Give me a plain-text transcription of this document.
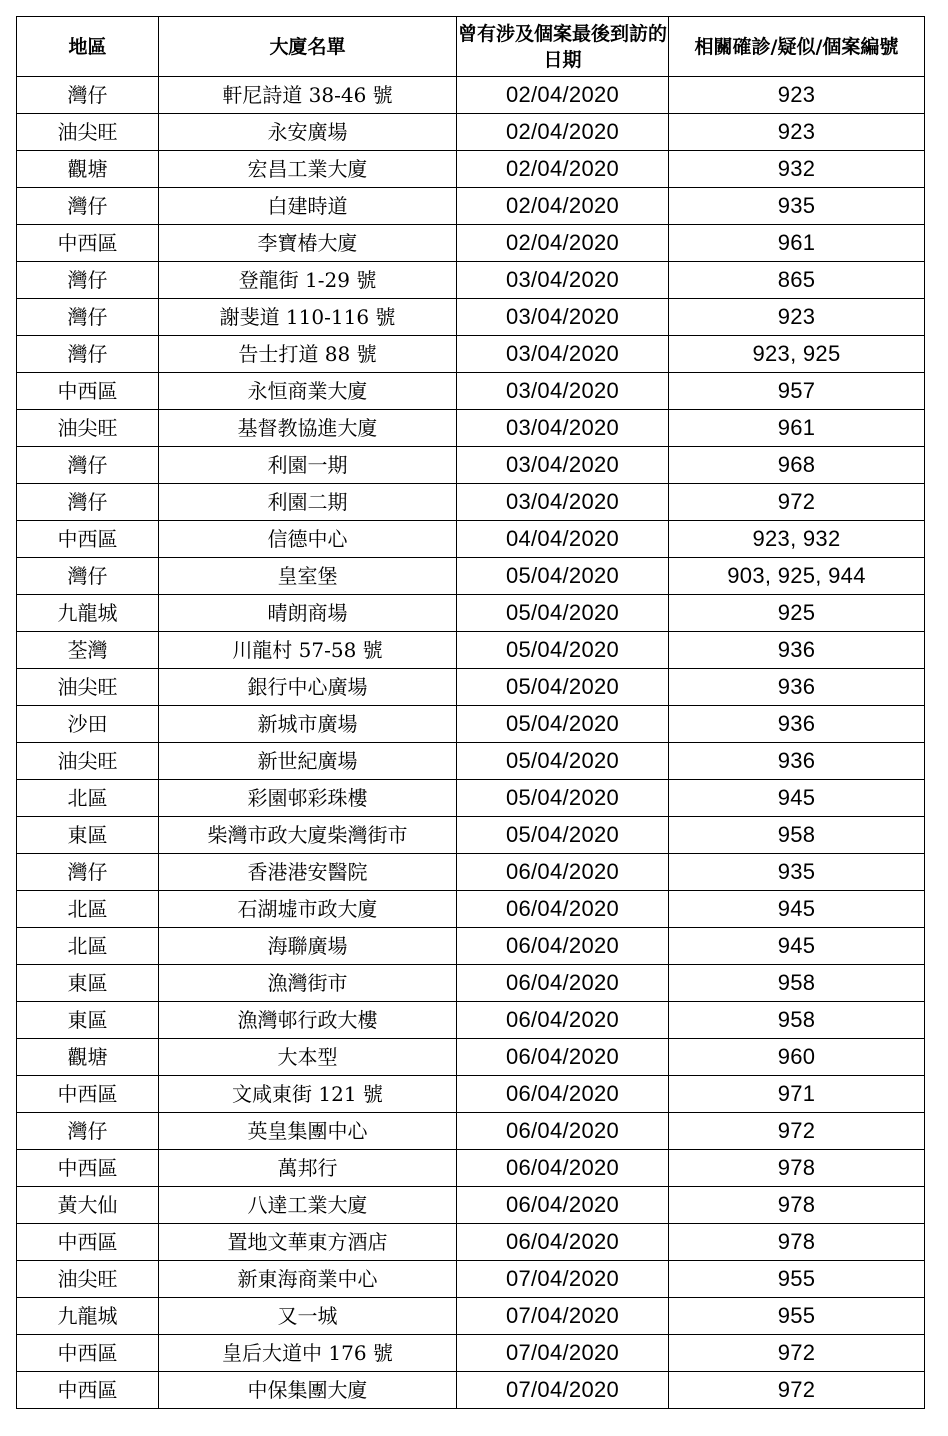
地區	大廈名單	曾有涉及個案最後到訪的日期	相關確診/疑似/個案編號
灣仔	軒尼詩道 38-46 號	02/04/2020	923
油尖旺	永安廣場	02/04/2020	923
觀塘	宏昌工業大廈	02/04/2020	932
灣仔	白建時道	02/04/2020	935
中西區	李寶椿大廈	02/04/2020	961
灣仔	登龍街 1-29 號	03/04/2020	865
灣仔	謝斐道 110-116 號	03/04/2020	923
灣仔	告士打道 88 號	03/04/2020	923, 925
中西區	永恒商業大廈	03/04/2020	957
油尖旺	基督教協進大廈	03/04/2020	961
灣仔	利園一期	03/04/2020	968
灣仔	利園二期	03/04/2020	972
中西區	信德中心	04/04/2020	923, 932
灣仔	皇室堡	05/04/2020	903, 925, 944
九龍城	晴朗商場	05/04/2020	925
荃灣	川龍村 57-58 號	05/04/2020	936
油尖旺	銀行中心廣場	05/04/2020	936
沙田	新城市廣場	05/04/2020	936
油尖旺	新世紀廣場	05/04/2020	936
北區	彩園邨彩珠樓	05/04/2020	945
東區	柴灣市政大廈柴灣街市	05/04/2020	958
灣仔	香港港安醫院	06/04/2020	935
北區	石湖墟市政大廈	06/04/2020	945
北區	海聯廣場	06/04/2020	945
東區	漁灣街市	06/04/2020	958
東區	漁灣邨行政大樓	06/04/2020	958
觀塘	大本型	06/04/2020	960
中西區	文咸東街 121 號	06/04/2020	971
灣仔	英皇集團中心	06/04/2020	972
中西區	萬邦行	06/04/2020	978
黃大仙	八達工業大廈	06/04/2020	978
中西區	置地文華東方酒店	06/04/2020	978
油尖旺	新東海商業中心	07/04/2020	955
九龍城	又一城	07/04/2020	955
中西區	皇后大道中 176 號	07/04/2020	972
中西區	中保集團大廈	07/04/2020	972
